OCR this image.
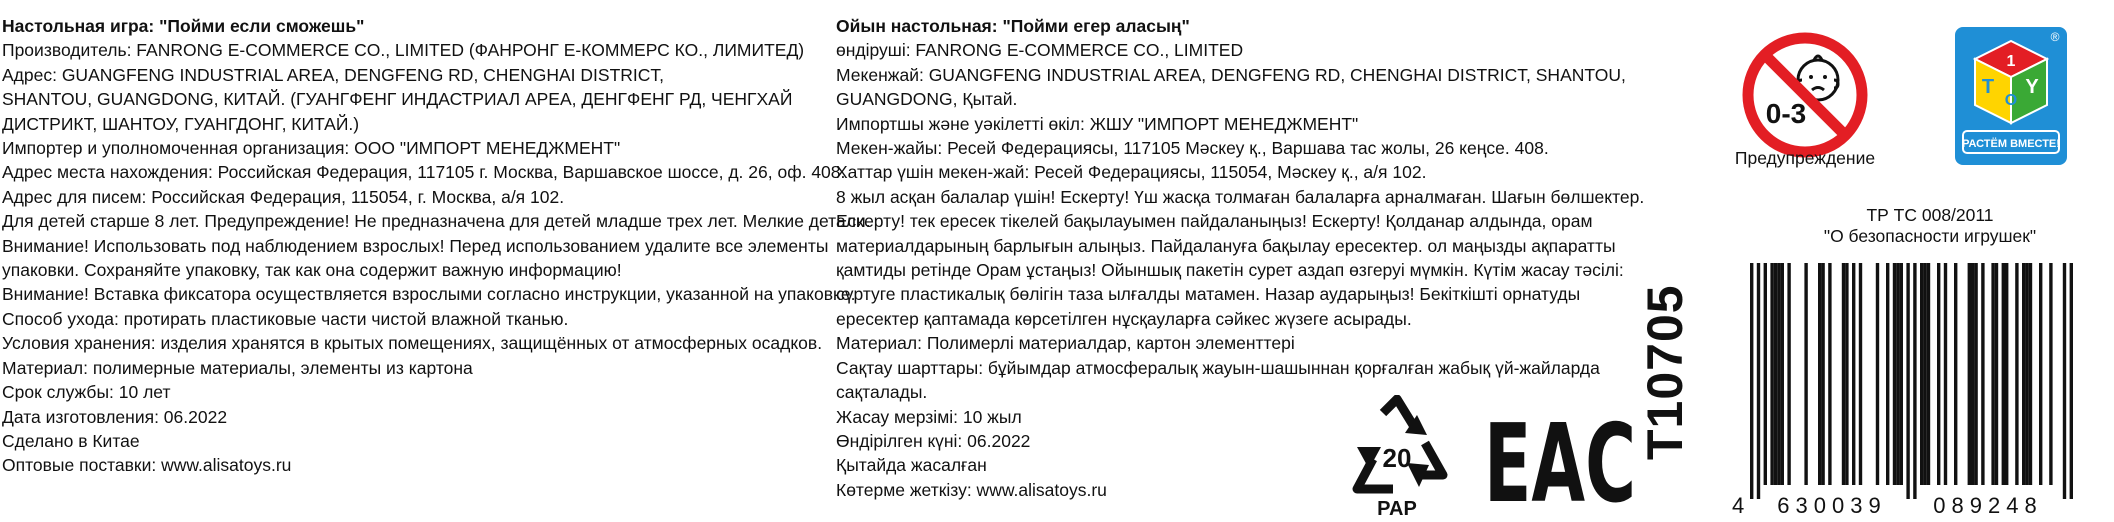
Настольная игра: "Пойми если сможешь"

Производитель: FANRONG E-COMMERCE CO., LIMITED (ФАНРОНГ Е-КОММЕРС КО., ЛИМИТЕД)

Адрес: GUANGFENG INDUSTRIAL AREA, DENGFENG RD, CHENGHAI DISTRICT,

SHANTOU, GUANGDONG, КИТАЙ. (ГУАНГФЕНГ ИНДАСТРИАЛ АРЕА, ДЕНГФЕНГ РД, ЧЕНГХАЙ

ДИСТРИКТ, ШАНТОУ, ГУАНГДОНГ, КИТАЙ.)

Импортер и уполномоченная организация: ООО "ИМПОРТ МЕНЕДЖМЕНТ"

Адрес места нахождения: Российская Федерация, 117105 г. Москва, Варшавское шоссе, д. 26, оф. 408.

Адрес для писем: Российская Федерация, 115054, г. Москва, а/я 102.

Для детей старше 8 лет. Предупреждение! Не предназначена для детей младше трех лет. Мелкие детали.

Внимание! Использовать под наблюдением взрослых! Перед использованием удалите все элементы

упаковки. Сохраняйте упаковку, так как она содержит важную информацию!

Внимание! Вставка фиксатора осуществляется взрослыми согласно инструкции, указанной на упаковке.

Способ ухода: протирать пластиковые части чистой влажной тканью.

Условия хранения: изделия хранятся в крытых помещениях, защищённых от атмосферных осадков.

Материал: полимерные материалы, элементы из картона

Срок службы: 10 лет

Дата изготовления: 06.2022

Сделано в Китае

Оптовые поставки: www.alisatoys.ru

Ойын настольная: "Пойми егер аласың"

өндіруші: FANRONG E-COMMERCE CO., LIMITED

Мекенжай: GUANGFENG INDUSTRIAL AREA, DENGFENG RD, CHENGHAI DISTRICT, SHANTOU,

GUANGDONG, Қытай.

Импортшы және уәкілетті өкіл: ЖШУ "ИМПОРТ МЕНЕДЖМЕНТ"

Мекен-жайы: Ресей Федерациясы, 117105 Мәскеу қ., Варшава тас жолы, 26 кеңсе. 408.

Хаттар үшін мекен-жай: Ресей Федерациясы, 115054, Мәскеу қ., а/я 102.

8 жыл асқан балалар үшін! Ескерту! Үш жасқа толмаған балаларға арналмаған. Шағын бөлшектер.

Ескерту! тек ересек тікелей бақылауымен пайдаланыңыз! Ескерту! Қолданар алдында, орам

материалдарының барлығын алыңыз. Пайдалануға бақылау ересектер. ол маңызды ақпаратты

қамтиды ретінде Орам ұстаңыз! Ойыншық пакетін сурет аздап өзгеруі мүмкін. Күтім жасау тәсілі:

сүртуге пластикалық бөлігін таза ылғалды матамен. Назар аударыңыз! Бекіткішті орнатуды

ересектер қаптамада көрсетілген нұсқауларға сәйкес жүзеге асырады.

Материал: Полимерлі материалдар, картон элементтері

Сақтау шарттары: бұйымдар атмосфералық жауын-шашыннан қорғалған жабық үй-жайларда

сақталады.

Жасау мерзімі: 10 жыл

Өндірілген күні: 06.2022

Қытайда жасалған

Көтерме жеткізу: www.alisatoys.ru

0-3
Предупреждение
1
T
O
Y
®
РАСТЁМ ВМЕСТЕ!

ТР ТС 008/2011

"О безопасности игрушек"

T10705
4 630039 089248
20
PAP EAC
